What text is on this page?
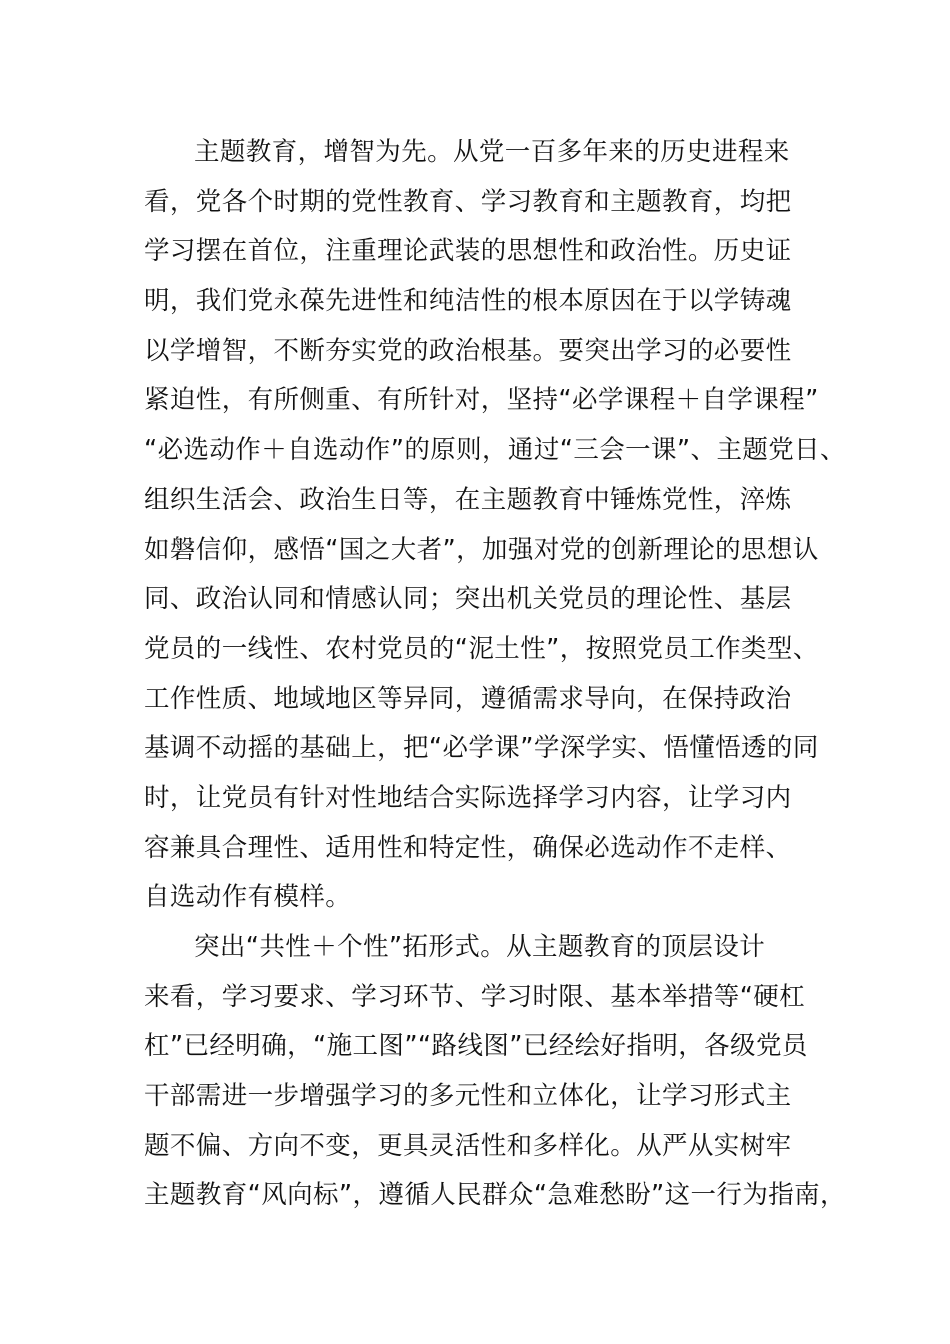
主题教育，增智为先。从党一百多年来的历史进程来
看，党各个时期的党性教育、学习教育和主题教育，均把
学习摆在首位，注重理论武装的思想性和政治性。历史证
明，我们党永葆先进性和纯洁性的根本原因在于以学铸魂
以学增智，不断夯实党的政治根基。要突出学习的必要性
紧迫性，有所侧重、有所针对，坚持“必学课程＋自学课程”
“必选动作＋自选动作”的原则，通过“三会一课”、主题党日、
组织生活会、政治生日等，在主题教育中锤炼党性，淬炼
如磐信仰，感悟“国之大者”，加强对党的创新理论的思想认
同、政治认同和情感认同；突出机关党员的理论性、基层
党员的一线性、农村党员的“泥土性”，按照党员工作类型、
工作性质、地域地区等异同，遵循需求导向，在保持政治
基调不动摇的基础上，把“必学课”学深学实、悟懂悟透的同
时，让党员有针对性地结合实际选择学习内容，让学习内
容兼具合理性、适用性和特定性，确保必选动作不走样、
自选动作有模样。
突出“共性＋个性”拓形式。从主题教育的顶层设计
来看，学习要求、学习环节、学习时限、基本举措等“硬杠
杠”已经明确，“施工图”“路线图”已经绘好指明，各级党员
干部需进一步增强学习的多元性和立体化，让学习形式主
题不偏、方向不变，更具灵活性和多样化。从严从实树牢
主题教育“风向标”，遵循人民群众“急难愁盼”这一行为指南，
